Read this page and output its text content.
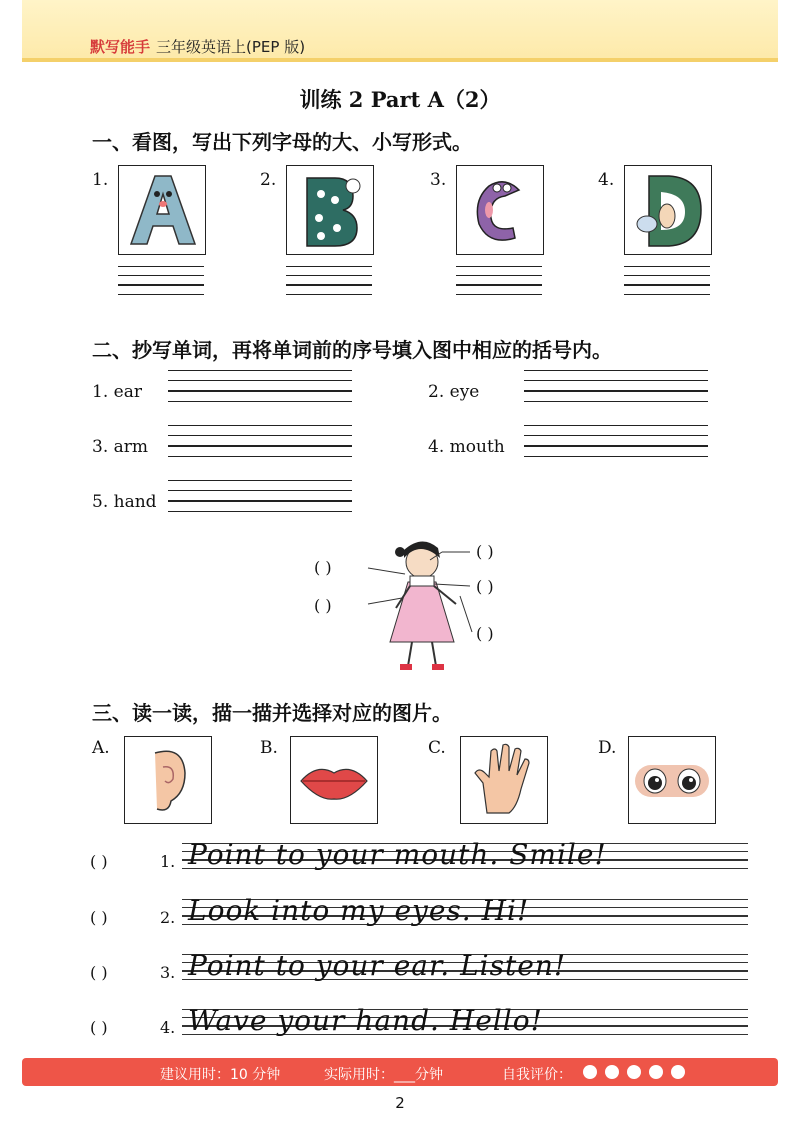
默写能手 三年级英语上(PEP 版)
训练 2 Part A（2）
一、看图，写出下列字母的大、小写形式。
1.	2.	3.	4.
二、抄写单词，再将单词前的序号填入图中相应的括号内。
1. ear	2. eye
3. arm	4. mouth
5. hand
( )
( )
( )
( )
( )
三、读一读，描一描并选择对应的图片。
A.	B.	C.	D.
( )	1. Point to your mouth. Smile!
( )	2. Look into my eyes. Hi!
( )	3. Point to your ear. Listen!
( )	4. Wave your hand. Hello!
建议用时：10 分钟	实际用时：___分钟	自我评价：
2
